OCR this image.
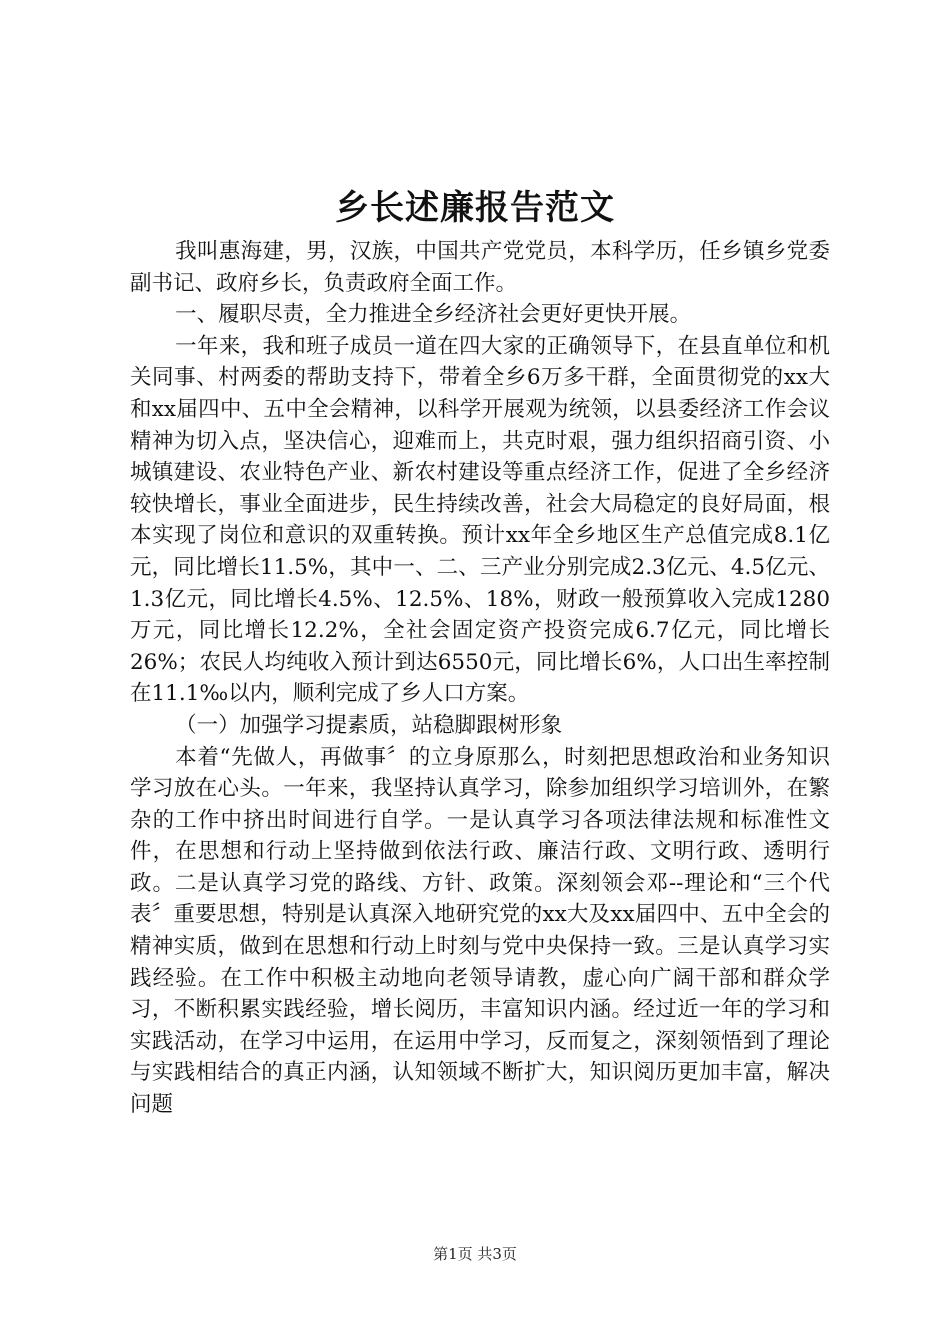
乡长述廉报告范文

我叫惠海建，男，汉族，中国共产党党员，本科学历，任乡镇乡党委副书记、政府乡长，负责政府全面工作。

一、履职尽责，全力推进全乡经济社会更好更快开展。

一年来，我和班子成员一道在四大家的正确领导下，在县直单位和机关同事、村两委的帮助支持下，带着全乡6万多干群，全面贯彻党的xx大和xx届四中、五中全会精神，以科学开展观为统领，以县委经济工作会议精神为切入点，坚决信心，迎难而上，共克时艰，强力组织招商引资、小城镇建设、农业特色产业、新农村建设等重点经济工作，促进了全乡经济较快增长，事业全面进步，民生持续改善，社会大局稳定的良好局面，根本实现了岗位和意识的双重转换。预计xx年全乡地区生产总值完成8.1亿元，同比增长11.5%，其中一、二、三产业分别完成2.3亿元、4.5亿元、1.3亿元，同比增长4.5%、12.5%、18%，财政一般预算收入完成1280万元，同比增长12.2%，全社会固定资产投资完成6.7亿元，同比增长26%；农民人均纯收入预计到达6550元，同比增长6%，人口出生率控制在11.1‰以内，顺利完成了乡人口方案。

（一）加强学习提素质，站稳脚跟树形象

本着“先做人，再做事〞的立身原那么，时刻把思想政治和业务知识学习放在心头。一年来，我坚持认真学习，除参加组织学习培训外，在繁杂的工作中挤出时间进行自学。一是认真学习各项法律法规和标准性文件，在思想和行动上坚持做到依法行政、廉洁行政、文明行政、透明行政。二是认真学习党的路线、方针、政策。深刻领会邓--理论和“三个代表〞重要思想，特别是认真深入地研究党的xx大及xx届四中、五中全会的精神实质，做到在思想和行动上时刻与党中央保持一致。三是认真学习实践经验。在工作中积极主动地向老领导请教，虚心向广阔干部和群众学习，不断积累实践经验，增长阅历，丰富知识内涵。经过近一年的学习和实践活动，在学习中运用，在运用中学习，反而复之，深刻领悟到了理论与实践相结合的真正内涵，认知领域不断扩大，知识阅历更加丰富，解决问题

第1页 共3页
